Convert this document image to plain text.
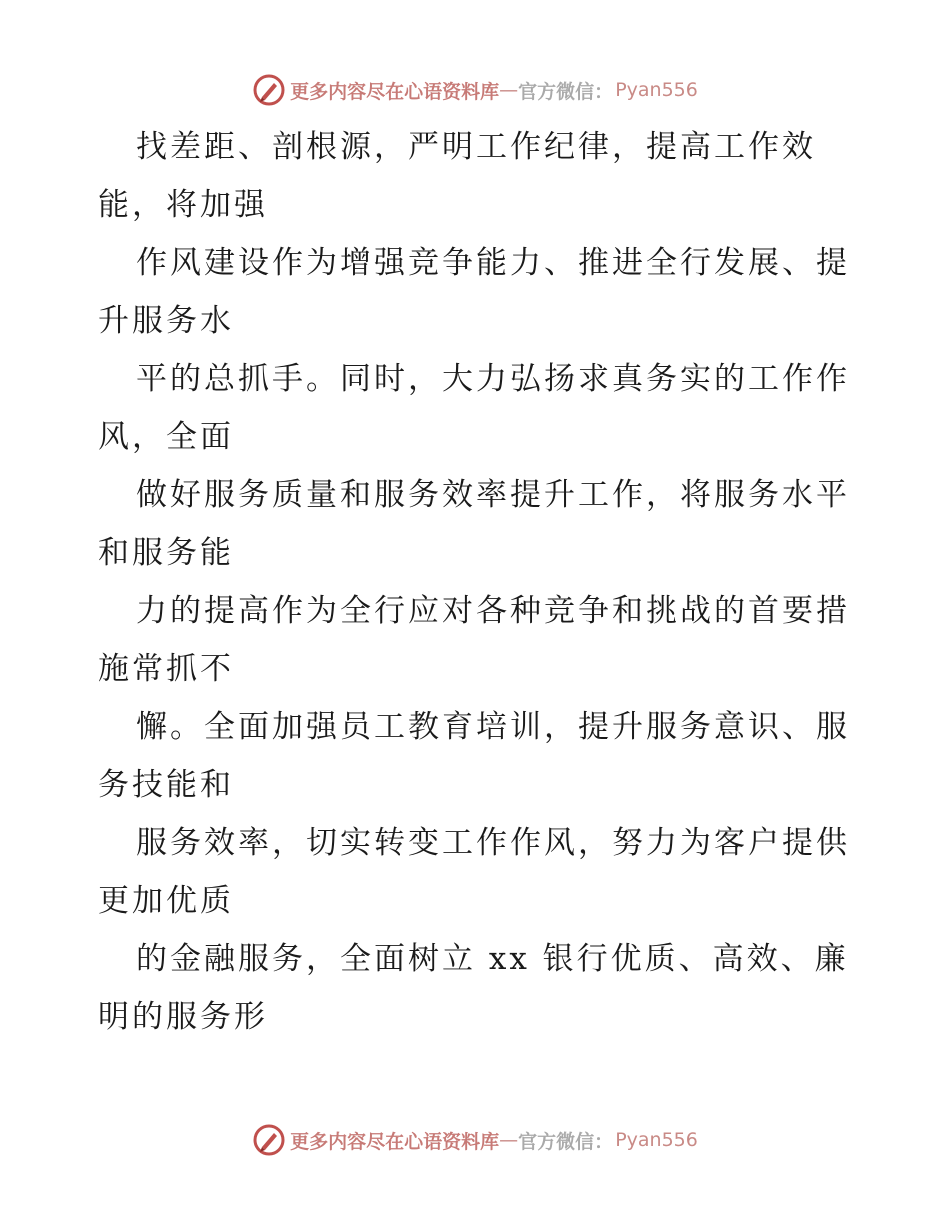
更多内容尽在心语资料库 — 官方微信： Pyan556
找差距、剖根源，严明工作纪律，提高工作效
能，将加强
作风建设作为增强竞争能力、推进全行发展、提
升服务水
平的总抓手。同时，大力弘扬求真务实的工作作
风，全面
做好服务质量和服务效率提升工作，将服务水平
和服务能
力的提高作为全行应对各种竞争和挑战的首要措
施常抓不
懈。全面加强员工教育培训，提升服务意识、服
务技能和
服务效率，切实转变工作作风，努力为客户提供
更加优质
的金融服务，全面树立 xx 银行优质、高效、廉
明的服务形
更多内容尽在心语资料库 — 官方微信： Pyan556
